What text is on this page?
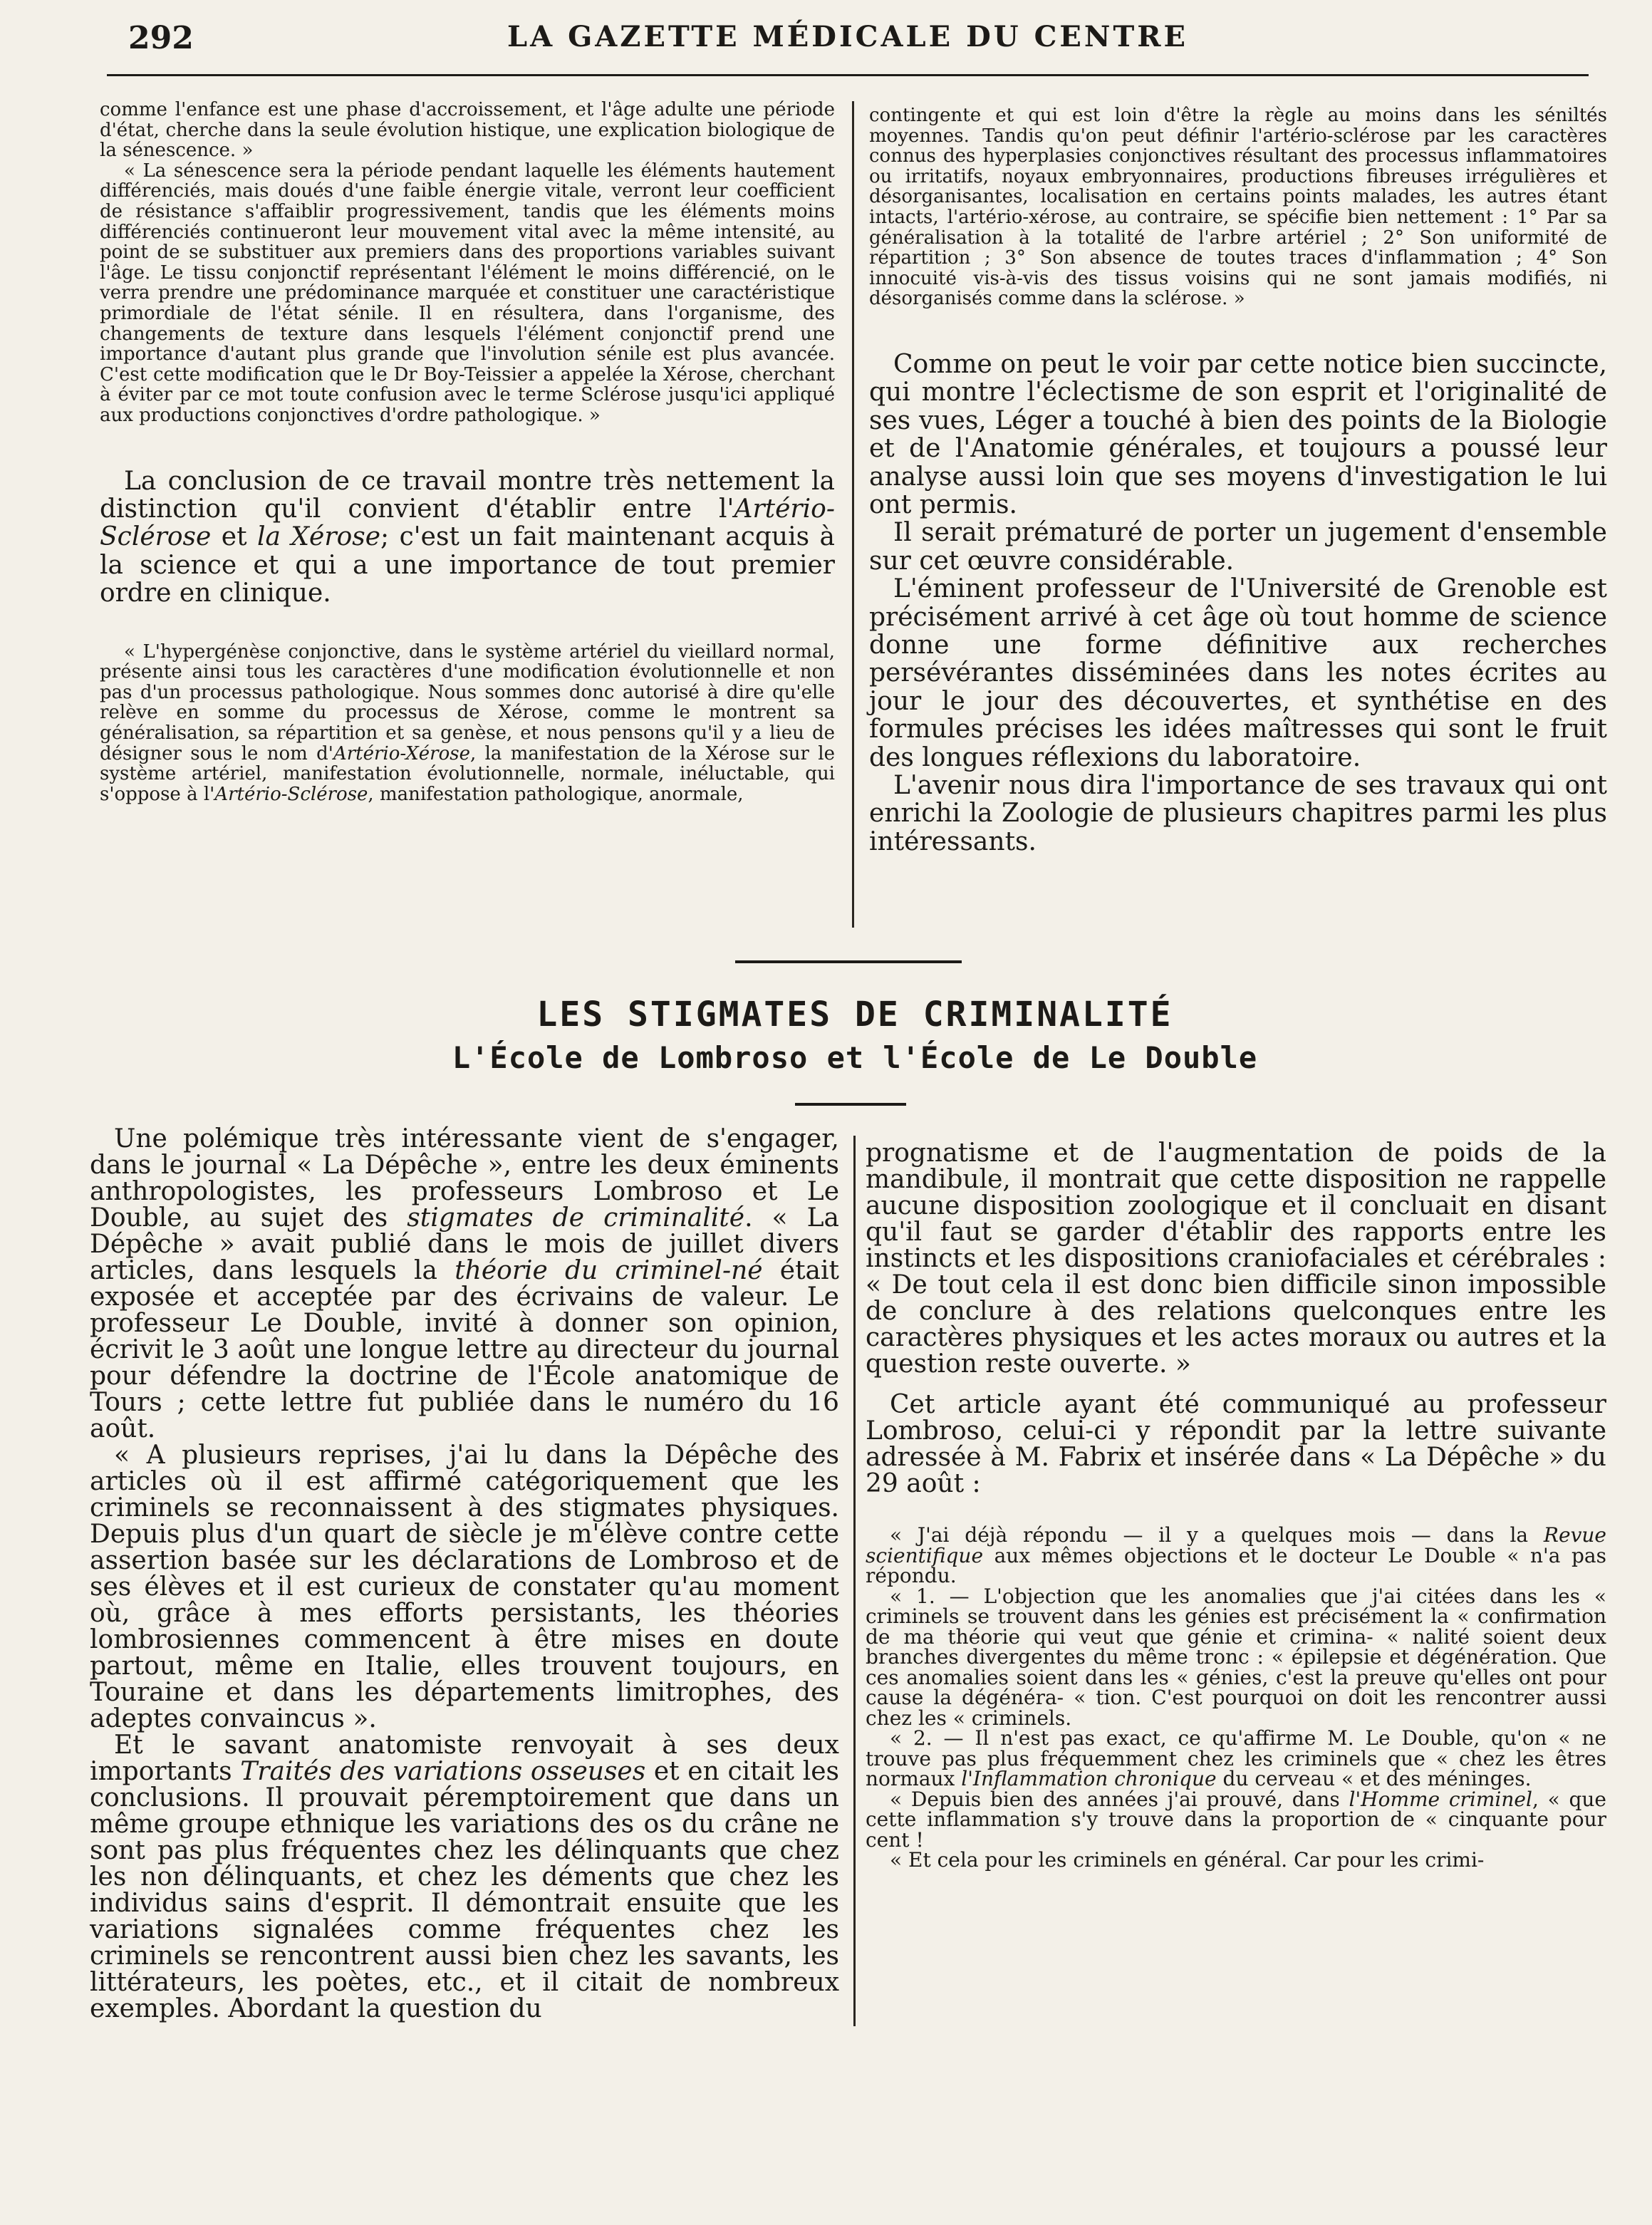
292	LA GAZETTE MÉDICALE DU CENTRE

comme l'enfance est une phase d'accroissement, et l'âge adulte une période d'état, cherche dans la seule évolution histique, une explication biologique de la sénescence. »

« La sénescence sera la période pendant laquelle les éléments hautement différenciés, mais doués d'une faible énergie vitale, verront leur coefficient de résistance s'affaiblir progressivement, tandis que les éléments moins différenciés continueront leur mouvement vital avec la même intensité, au point de se substituer aux premiers dans des proportions variables suivant l'âge. Le tissu conjonctif représentant l'élément le moins différencié, on le verra prendre une prédominance marquée et constituer une caractéristique primordiale de l'état sénile. Il en résultera, dans l'organisme, des changements de texture dans lesquels l'élément conjonctif prend une importance d'autant plus grande que l'involution sénile est plus avancée. C'est cette modification que le Dr Boy-Teissier a appelée la Xérose, cherchant à éviter par ce mot toute confusion avec le terme Sclérose jusqu'ici appliqué aux productions conjonctives d'ordre pathologique. »

La conclusion de ce travail montre très nettement la distinction qu'il convient d'établir entre l'Artério-Sclérose et la Xérose; c'est un fait maintenant acquis à la science et qui a une importance de tout premier ordre en clinique.

« L'hypergénèse conjonctive, dans le système artériel du vieillard normal, présente ainsi tous les caractères d'une modification évolutionnelle et non pas d'un processus pathologique. Nous sommes donc autorisé à dire qu'elle relève en somme du processus de Xérose, comme le montrent sa généralisation, sa répartition et sa genèse, et nous pensons qu'il y a lieu de désigner sous le nom d'Artério-Xérose, la manifestation de la Xérose sur le système artériel, manifestation évolutionnelle, normale, inéluctable, qui s'oppose à l'Artério-Sclérose, manifestation pathologique, anormale,

contingente et qui est loin d'être la règle au moins dans les séniltés moyennes. Tandis qu'on peut définir l'artério-sclérose par les caractères connus des hyperplasies conjonctives résultant des processus inflammatoires ou irritatifs, noyaux embryonnaires, productions fibreuses irrégulières et désorganisantes, localisation en certains points malades, les autres étant intacts, l'artério-xérose, au contraire, se spécifie bien nettement : 1° Par sa généralisation à la totalité de l'arbre artériel ; 2° Son uniformité de répartition ; 3° Son absence de toutes traces d'inflammation ; 4° Son innocuité vis-à-vis des tissus voisins qui ne sont jamais modifiés, ni désorganisés comme dans la sclérose. »

Comme on peut le voir par cette notice bien succincte, qui montre l'éclectisme de son esprit et l'originalité de ses vues, Léger a touché à bien des points de la Biologie et de l'Anatomie générales, et toujours a poussé leur analyse aussi loin que ses moyens d'investigation le lui ont permis.

Il serait prématuré de porter un jugement d'ensemble sur cet œuvre considérable.

L'éminent professeur de l'Université de Grenoble est précisément arrivé à cet âge où tout homme de science donne une forme définitive aux recherches persévérantes disséminées dans les notes écrites au jour le jour des découvertes, et synthétise en des formules précises les idées maîtresses qui sont le fruit des longues réflexions du laboratoire.

L'avenir nous dira l'importance de ses travaux qui ont enrichi la Zoologie de plusieurs chapitres parmi les plus intéressants.

LES STIGMATES DE CRIMINALITÉ
L'École de Lombroso et l'École de Le Double

Une polémique très intéressante vient de s'engager, dans le journal « La Dépêche », entre les deux éminents anthropologistes, les professeurs Lombroso et Le Double, au sujet des stigmates de criminalité. « La Dépêche » avait publié dans le mois de juillet divers articles, dans lesquels la théorie du criminel-né était exposée et acceptée par des écrivains de valeur. Le professeur Le Double, invité à donner son opinion, écrivit le 3 août une longue lettre au directeur du journal pour défendre la doctrine de l'École anatomique de Tours ; cette lettre fut publiée dans le numéro du 16 août.

« A plusieurs reprises, j'ai lu dans la Dépêche des articles où il est affirmé catégoriquement que les criminels se reconnaissent à des stigmates physiques. Depuis plus d'un quart de siècle je m'élève contre cette assertion basée sur les déclarations de Lombroso et de ses élèves et il est curieux de constater qu'au moment où, grâce à mes efforts persistants, les théories lombrosiennes commencent à être mises en doute partout, même en Italie, elles trouvent toujours, en Touraine et dans les départements limitrophes, des adeptes convaincus ».

Et le savant anatomiste renvoyait à ses deux importants Traités des variations osseuses et en citait les conclusions. Il prouvait péremptoirement que dans un même groupe ethnique les variations des os du crâne ne sont pas plus fréquentes chez les délinquants que chez les non délinquants, et chez les déments que chez les individus sains d'esprit. Il démontrait ensuite que les variations signalées comme fréquentes chez les criminels se rencontrent aussi bien chez les savants, les littérateurs, les poètes, etc., et il citait de nombreux exemples. Abordant la question du

prognatisme et de l'augmentation de poids de la mandibule, il montrait que cette disposition ne rappelle aucune disposition zoologique et il concluait en disant qu'il faut se garder d'établir des rapports entre les instincts et les dispositions craniofaciales et cérébrales : « De tout cela il est donc bien difficile sinon impossible de conclure à des relations quelconques entre les caractères physiques et les actes moraux ou autres et la question reste ouverte. »

Cet article ayant été communiqué au professeur Lombroso, celui-ci y répondit par la lettre suivante adressée à M. Fabrix et insérée dans « La Dépêche » du 29 août :

« J'ai déjà répondu — il y a quelques mois — dans la Revue scientifique aux mêmes objections et le docteur Le Double « n'a pas répondu.

« 1. — L'objection que les anomalies que j'ai citées dans les « criminels se trouvent dans les génies est précisément la « confirmation de ma théorie qui veut que génie et crimina- « nalité soient deux branches divergentes du même tronc : « épilepsie et dégénération. Que ces anomalies soient dans les « génies, c'est la preuve qu'elles ont pour cause la dégénéra- « tion. C'est pourquoi on doit les rencontrer aussi chez les « criminels.

« 2. — Il n'est pas exact, ce qu'affirme M. Le Double, qu'on « ne trouve pas plus fréquemment chez les criminels que « chez les êtres normaux l'Inflammation chronique du cerveau « et des méninges.

« Depuis bien des années j'ai prouvé, dans l'Homme criminel, « que cette inflammation s'y trouve dans la proportion de « cinquante pour cent !

« Et cela pour les criminels en général. Car pour les crimi-
